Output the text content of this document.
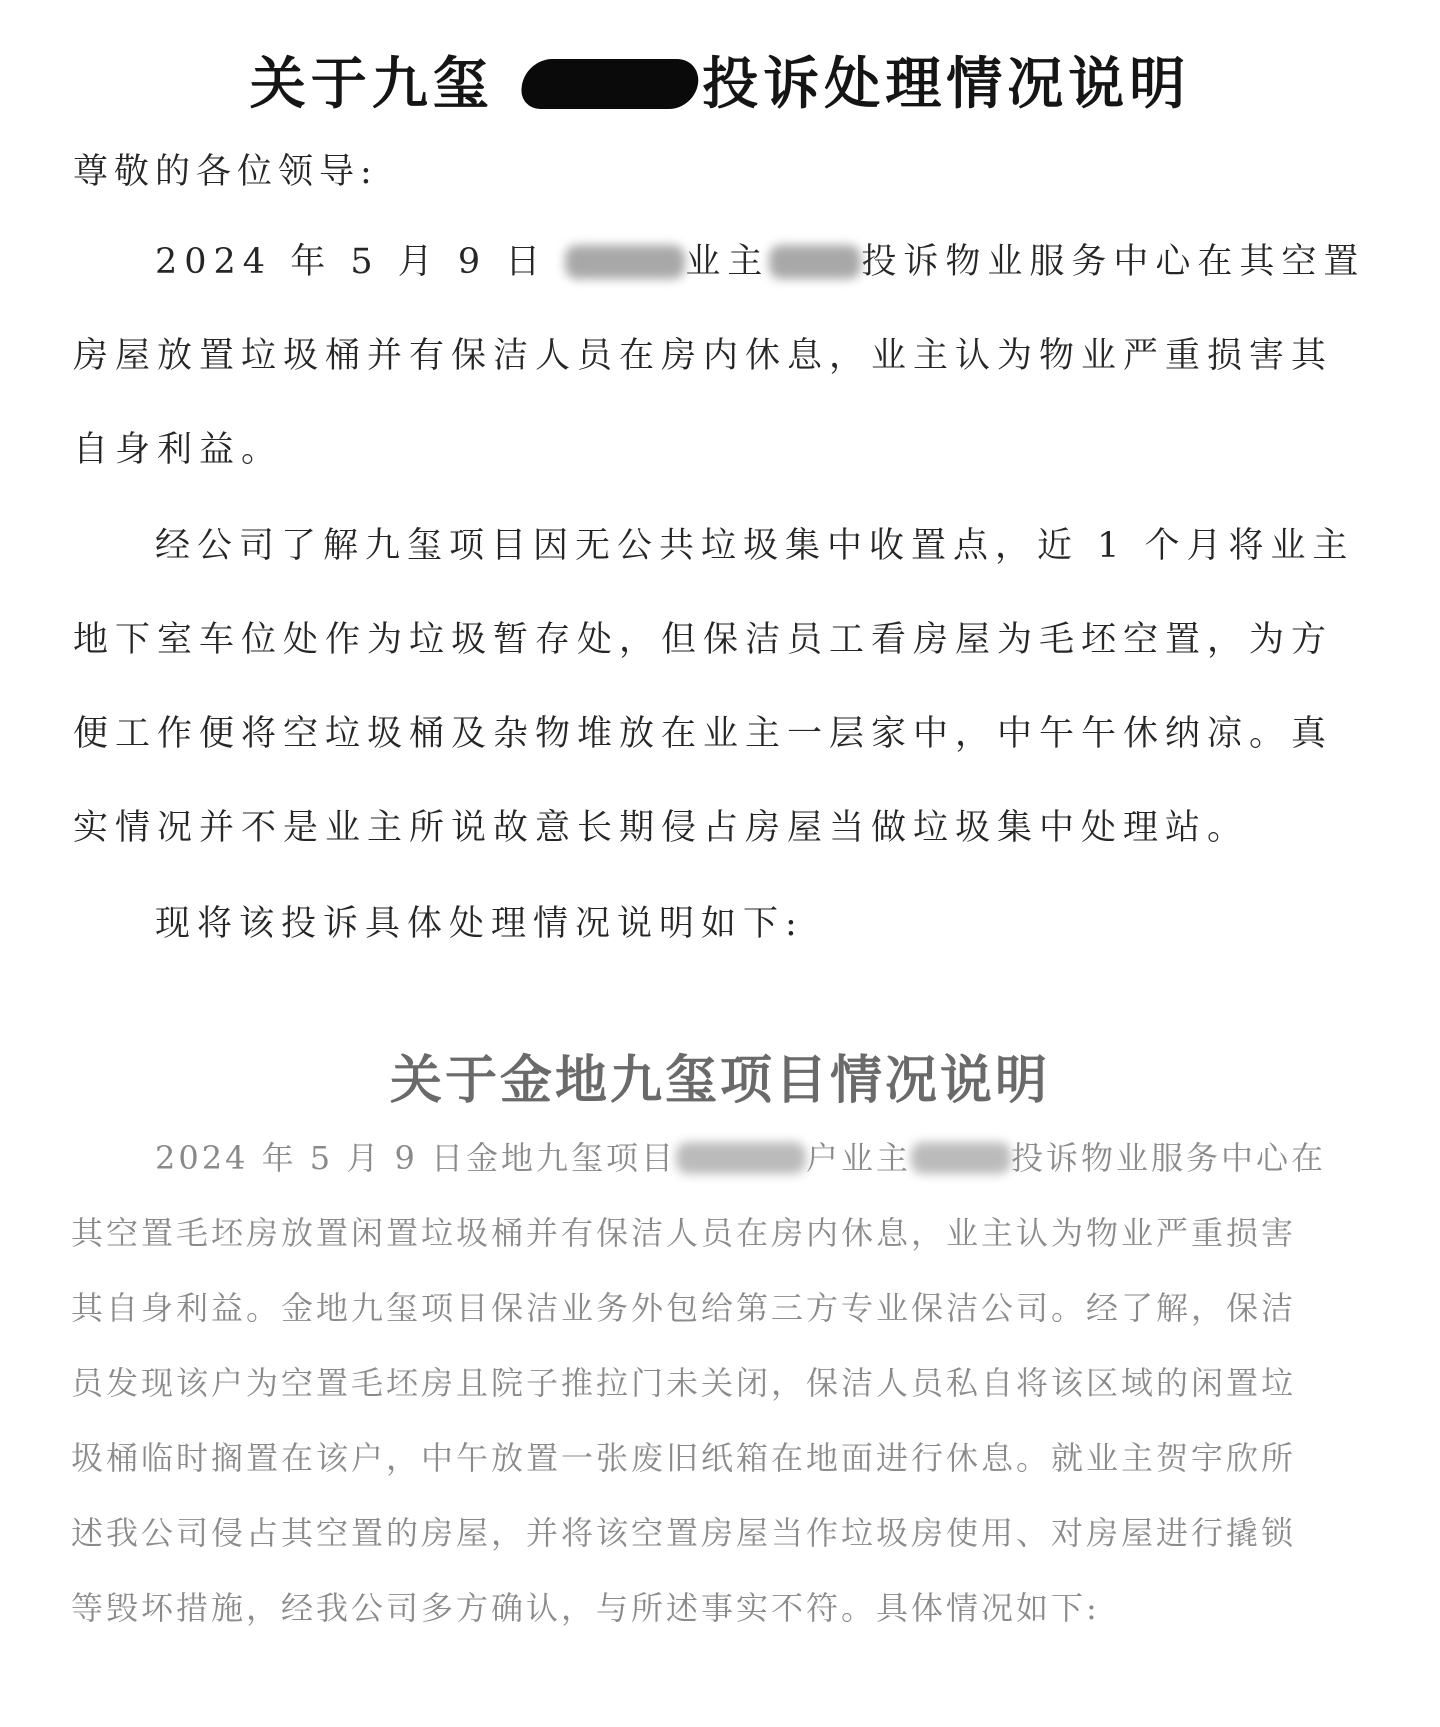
关于九玺	投诉处理情况说明
尊敬的各位领导:
2024 年 5 月 9 日	业主	投诉物业服务中心在其空置
房屋放置垃圾桶并有保洁人员在房内休息，业主认为物业严重损害其
自身利益。
经公司了解九玺项目因无公共垃圾集中收置点，近 1 个月将业主
地下室车位处作为垃圾暂存处，但保洁员工看房屋为毛坯空置，为方
便工作便将空垃圾桶及杂物堆放在业主一层家中，中午午休纳凉。真
实情况并不是业主所说故意长期侵占房屋当做垃圾集中处理站。
现将该投诉具体处理情况说明如下:
关于金地九玺项目情况说明
2024 年 5 月 9 日金地九玺项目	户业主	投诉物业服务中心在
其空置毛坯房放置闲置垃圾桶并有保洁人员在房内休息，业主认为物业严重损害
其自身利益。金地九玺项目保洁业务外包给第三方专业保洁公司。经了解，保洁
员发现该户为空置毛坯房且院子推拉门未关闭，保洁人员私自将该区域的闲置垃
圾桶临时搁置在该户，中午放置一张废旧纸箱在地面进行休息。就业主贺宇欣所
述我公司侵占其空置的房屋，并将该空置房屋当作垃圾房使用、对房屋进行撬锁
等毁坏措施，经我公司多方确认，与所述事实不符。具体情况如下:
